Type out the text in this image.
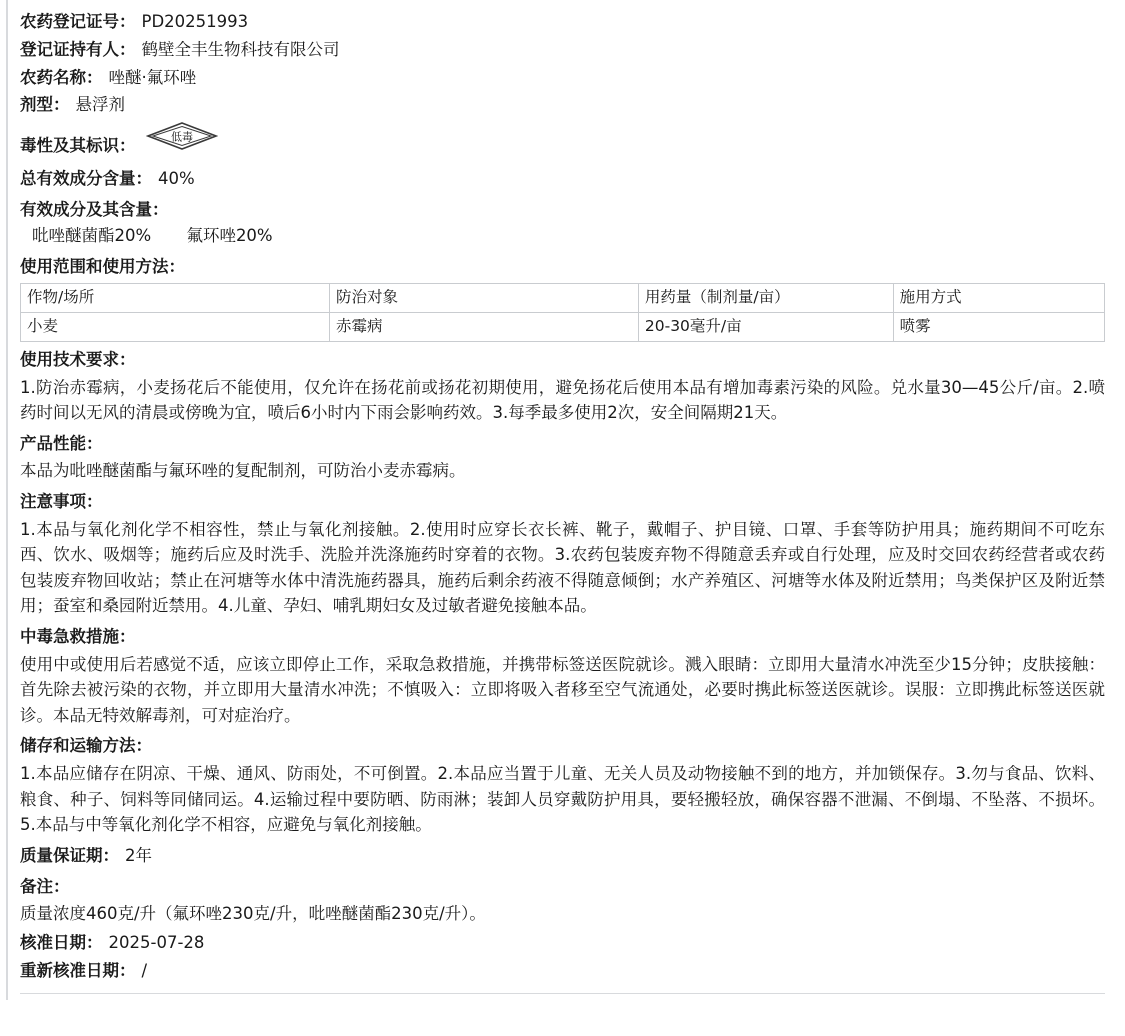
农药登记证号： PD20251993
登记证持有人： 鹤壁全丰生物科技有限公司
农药名称： 唑醚·氟环唑
剂型： 悬浮剂
毒性及其标识：	低毒
总有效成分含量： 40%
有效成分及其含量：
吡唑醚菌酯20% 氟环唑20%
使用范围和使用方法：
作物/场所	防治对象	用药量（制剂量/亩）	施用方式
小麦	赤霉病	20-30毫升/亩	喷雾
使用技术要求：
1.防治赤霉病，小麦扬花后不能使用，仅允许在扬花前或扬花初期使用，避免扬花后使用本品有增加毒素污染的风险。兑水量30—45公斤/亩。2.喷药时间以无风的清晨或傍晚为宜，喷后6小时内下雨会影响药效。3.每季最多使用2次，安全间隔期21天。
产品性能：
本品为吡唑醚菌酯与氟环唑的复配制剂，可防治小麦赤霉病。
注意事项：
1.本品与氧化剂化学不相容性，禁止与氧化剂接触。2.使用时应穿长衣长裤、靴子，戴帽子、护目镜、口罩、手套等防护用具；施药期间不可吃东西、饮水、吸烟等；施药后应及时洗手、洗脸并洗涤施药时穿着的衣物。3.农药包装废弃物不得随意丢弃或自行处理，应及时交回农药经营者或农药包装废弃物回收站；禁止在河塘等水体中清洗施药器具，施药后剩余药液不得随意倾倒；水产养殖区、河塘等水体及附近禁用；鸟类保护区及附近禁用；蚕室和桑园附近禁用。4.儿童、孕妇、哺乳期妇女及过敏者避免接触本品。
中毒急救措施：
使用中或使用后若感觉不适，应该立即停止工作，采取急救措施，并携带标签送医院就诊。溅入眼睛：立即用大量清水冲洗至少15分钟；皮肤接触：首先除去被污染的衣物，并立即用大量清水冲洗；不慎吸入：立即将吸入者移至空气流通处，必要时携此标签送医就诊。误服：立即携此标签送医就诊。本品无特效解毒剂，可对症治疗。
储存和运输方法：
1.本品应储存在阴凉、干燥、通风、防雨处，不可倒置。2.本品应当置于儿童、无关人员及动物接触不到的地方，并加锁保存。3.勿与食品、饮料、粮食、种子、饲料等同储同运。4.运输过程中要防晒、防雨淋；装卸人员穿戴防护用具，要轻搬轻放，确保容器不泄漏、不倒塌、不坠落、不损坏。5.本品与中等氧化剂化学不相容，应避免与氧化剂接触。
质量保证期： 2年
备注：
质量浓度460克/升（氟环唑230克/升，吡唑醚菌酯230克/升）。
核准日期： 2025-07-28
重新核准日期： /
